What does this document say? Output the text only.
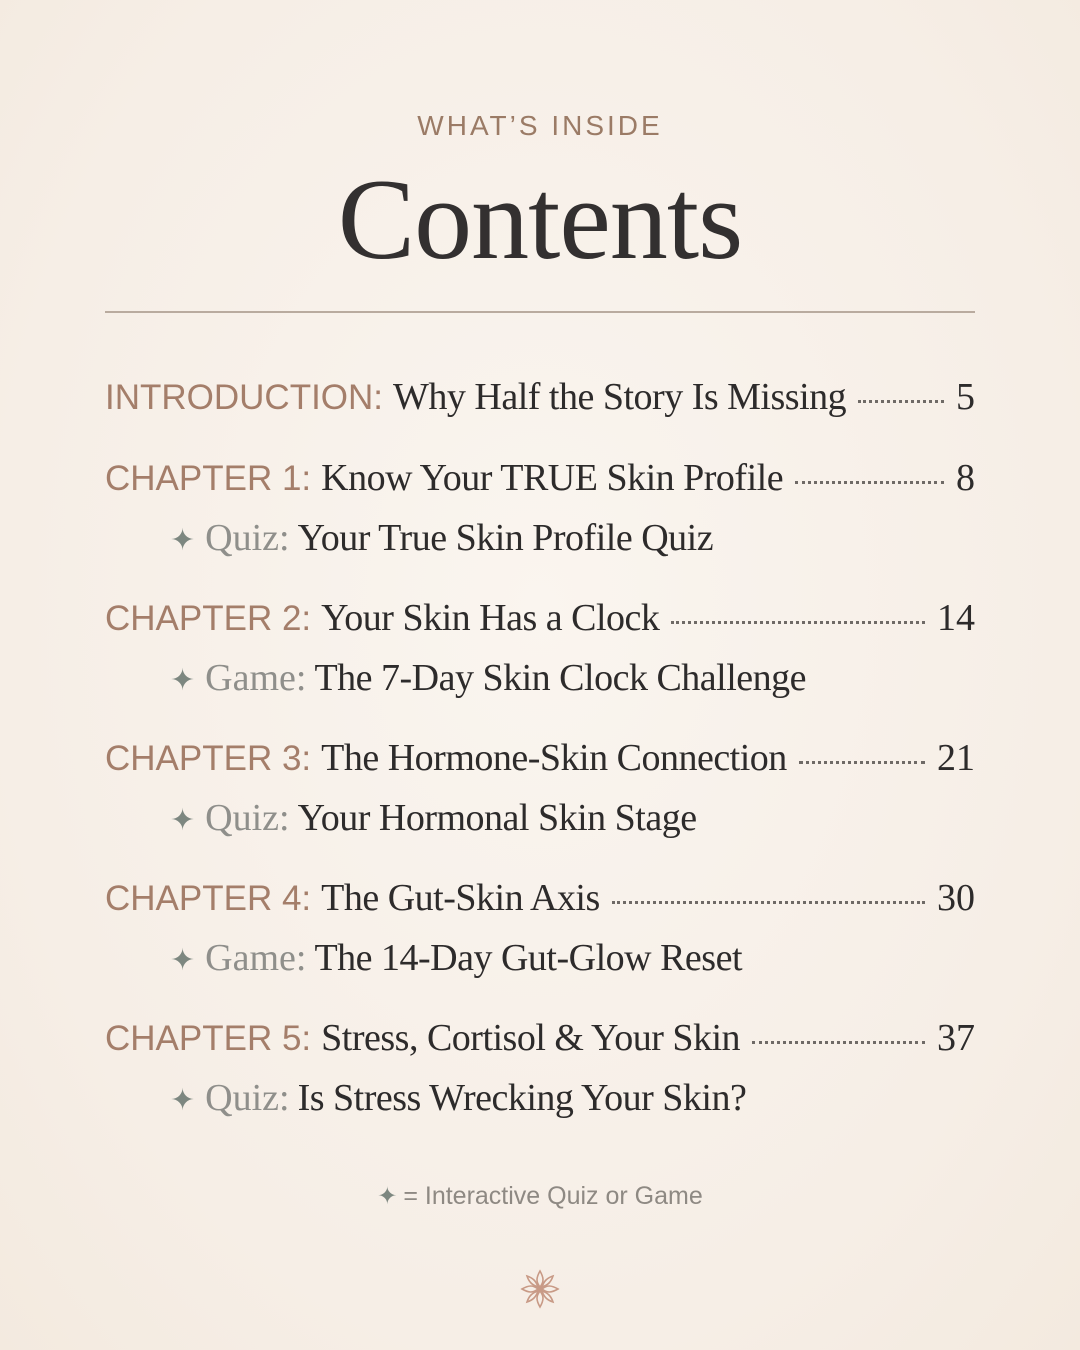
WHAT’S INSIDE
Contents
INTRODUCTION: Why Half the Story Is Missing	5
CHAPTER 1: Know Your TRUE Skin Profile	8
✦ Quiz: Your True Skin Profile Quiz
CHAPTER 2: Your Skin Has a Clock	14
✦ Game: The 7-Day Skin Clock Challenge
CHAPTER 3: The Hormone-Skin Connection	21
✦ Quiz: Your Hormonal Skin Stage
CHAPTER 4: The Gut-Skin Axis	30
✦ Game: The 14-Day Gut-Glow Reset
CHAPTER 5: Stress, Cortisol & Your Skin	37
✦ Quiz: Is Stress Wrecking Your Skin?
✦ = Interactive Quiz or Game
